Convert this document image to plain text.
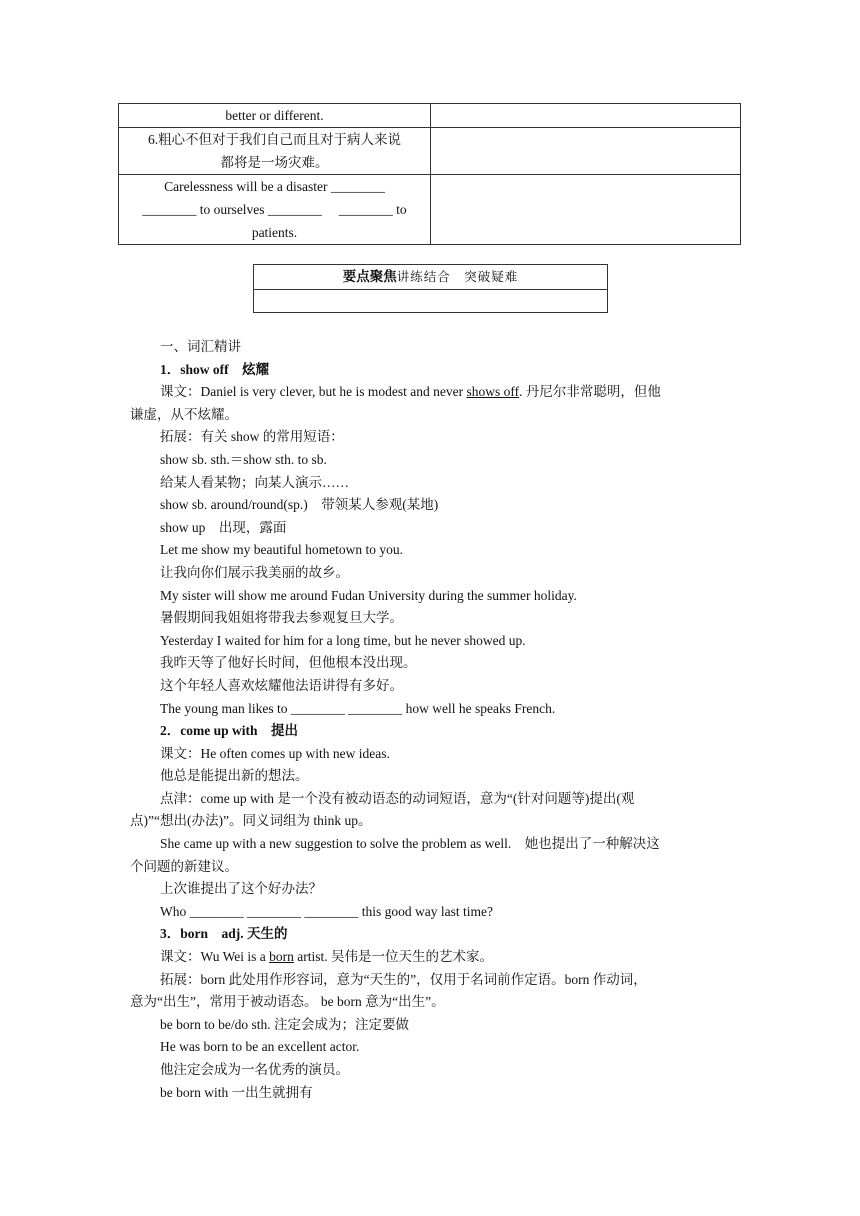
better or different.	

6.粗心不但对于我们自己而且对于病人来说
都将是一场灾难。	

Carelessness will be a disaster ________
________ to ourselves ________     ________ to
patients.	

要点聚焦讲练结合　突破疑难

一、词汇精讲

1．show off　炫耀

课文：Daniel is very clever, but he is modest and never shows off. 丹尼尔非常聪明，但他

谦虚，从不炫耀。

拓展：有关 show 的常用短语：

show sb. sth.＝show sth. to sb.

给某人看某物；向某人演示……

show sb. around/round(sp.)　带领某人参观(某地)

show up　出现，露面

Let me show my beautiful hometown to you.

让我向你们展示我美丽的故乡。

My sister will show me around Fudan University during the summer holiday.

暑假期间我姐姐将带我去参观复旦大学。

Yesterday I waited for him for a long time, but he never showed up.

我昨天等了他好长时间，但他根本没出现。

这个年轻人喜欢炫耀他法语讲得有多好。

The young man likes to ________ ________ how well he speaks French.

2．come up with　提出

课文：He often comes up with new ideas.

他总是能提出新的想法。

点津：come up with 是一个没有被动语态的动词短语，意为“(针对问题等)提出(观

点)”“想出(办法)”。同义词组为 think up。

She came up with a new suggestion to solve the problem as well.　她也提出了一种解决这

个问题的新建议。

上次谁提出了这个好办法？

Who ________ ________ ________ this good way last time?

3．born　adj. 天生的

课文：Wu Wei is a born artist. 吴伟是一位天生的艺术家。

拓展：born 此处用作形容词，意为“天生的”，仅用于名词前作定语。born 作动词，

意为“出生”，常用于被动语态。 be born 意为“出生”。

be born to be/do sth. 注定会成为；注定要做

He was born to be an excellent actor.

他注定会成为一名优秀的演员。

be born with 一出生就拥有
